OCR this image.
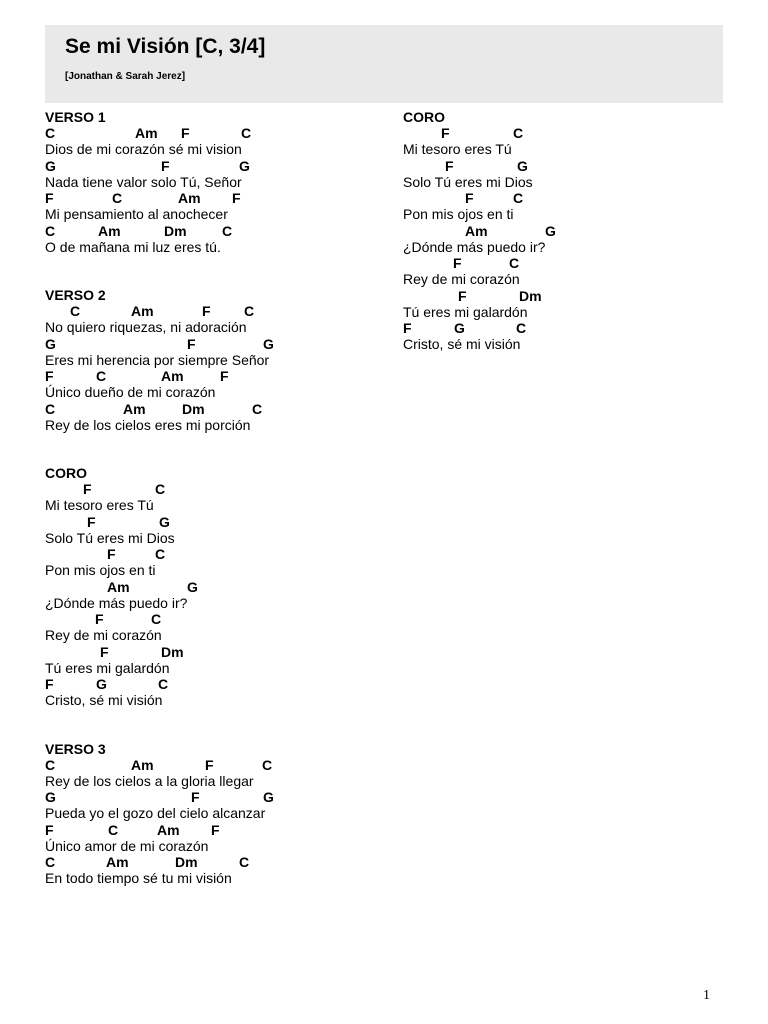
Se mi Visión [C, 3/4]
[Jonathan & Sarah Jerez]
VERSO 1
C	Am F	C
Dios de mi corazón sé mi vision
G	F	G
Nada tiene valor solo Tú, Señor
F	C	Am F
Mi pensamiento al anochecer
C	Am	Dm	C
O de mañana mi luz eres tú.
VERSO 2
C	Am	F C
No quiero riquezas, ni adoración
G	F	G
Eres mi herencia por siempre Señor
F	C	Am	F
Único dueño de mi corazón
C	Am	Dm	C
Rey de los cielos eres mi porción
CORO
F	C
Mi tesoro eres Tú
F	G
Solo Tú eres mi Dios
F	C
Pon mis ojos en ti
Am	G
¿Dónde más puedo ir?
F	C
Rey de mi corazón
F	Dm
Tú eres mi galardón
F	G	C
Cristo, sé mi visión
VERSO 3
C	Am	F	C
Rey de los cielos a la gloria llegar
G	F	G
Pueda yo el gozo del cielo alcanzar
F	C	Am F
Único amor de mi corazón
C	Am	Dm	C
En todo tiempo sé tu mi visión
CORO
F	C
Mi tesoro eres Tú
F	G
Solo Tú eres mi Dios
F	C
Pon mis ojos en ti
Am	G
¿Dónde más puedo ir?
F	C
Rey de mi corazón
F	Dm
Tú eres mi galardón
F	G	C
Cristo, sé mi visión
1
